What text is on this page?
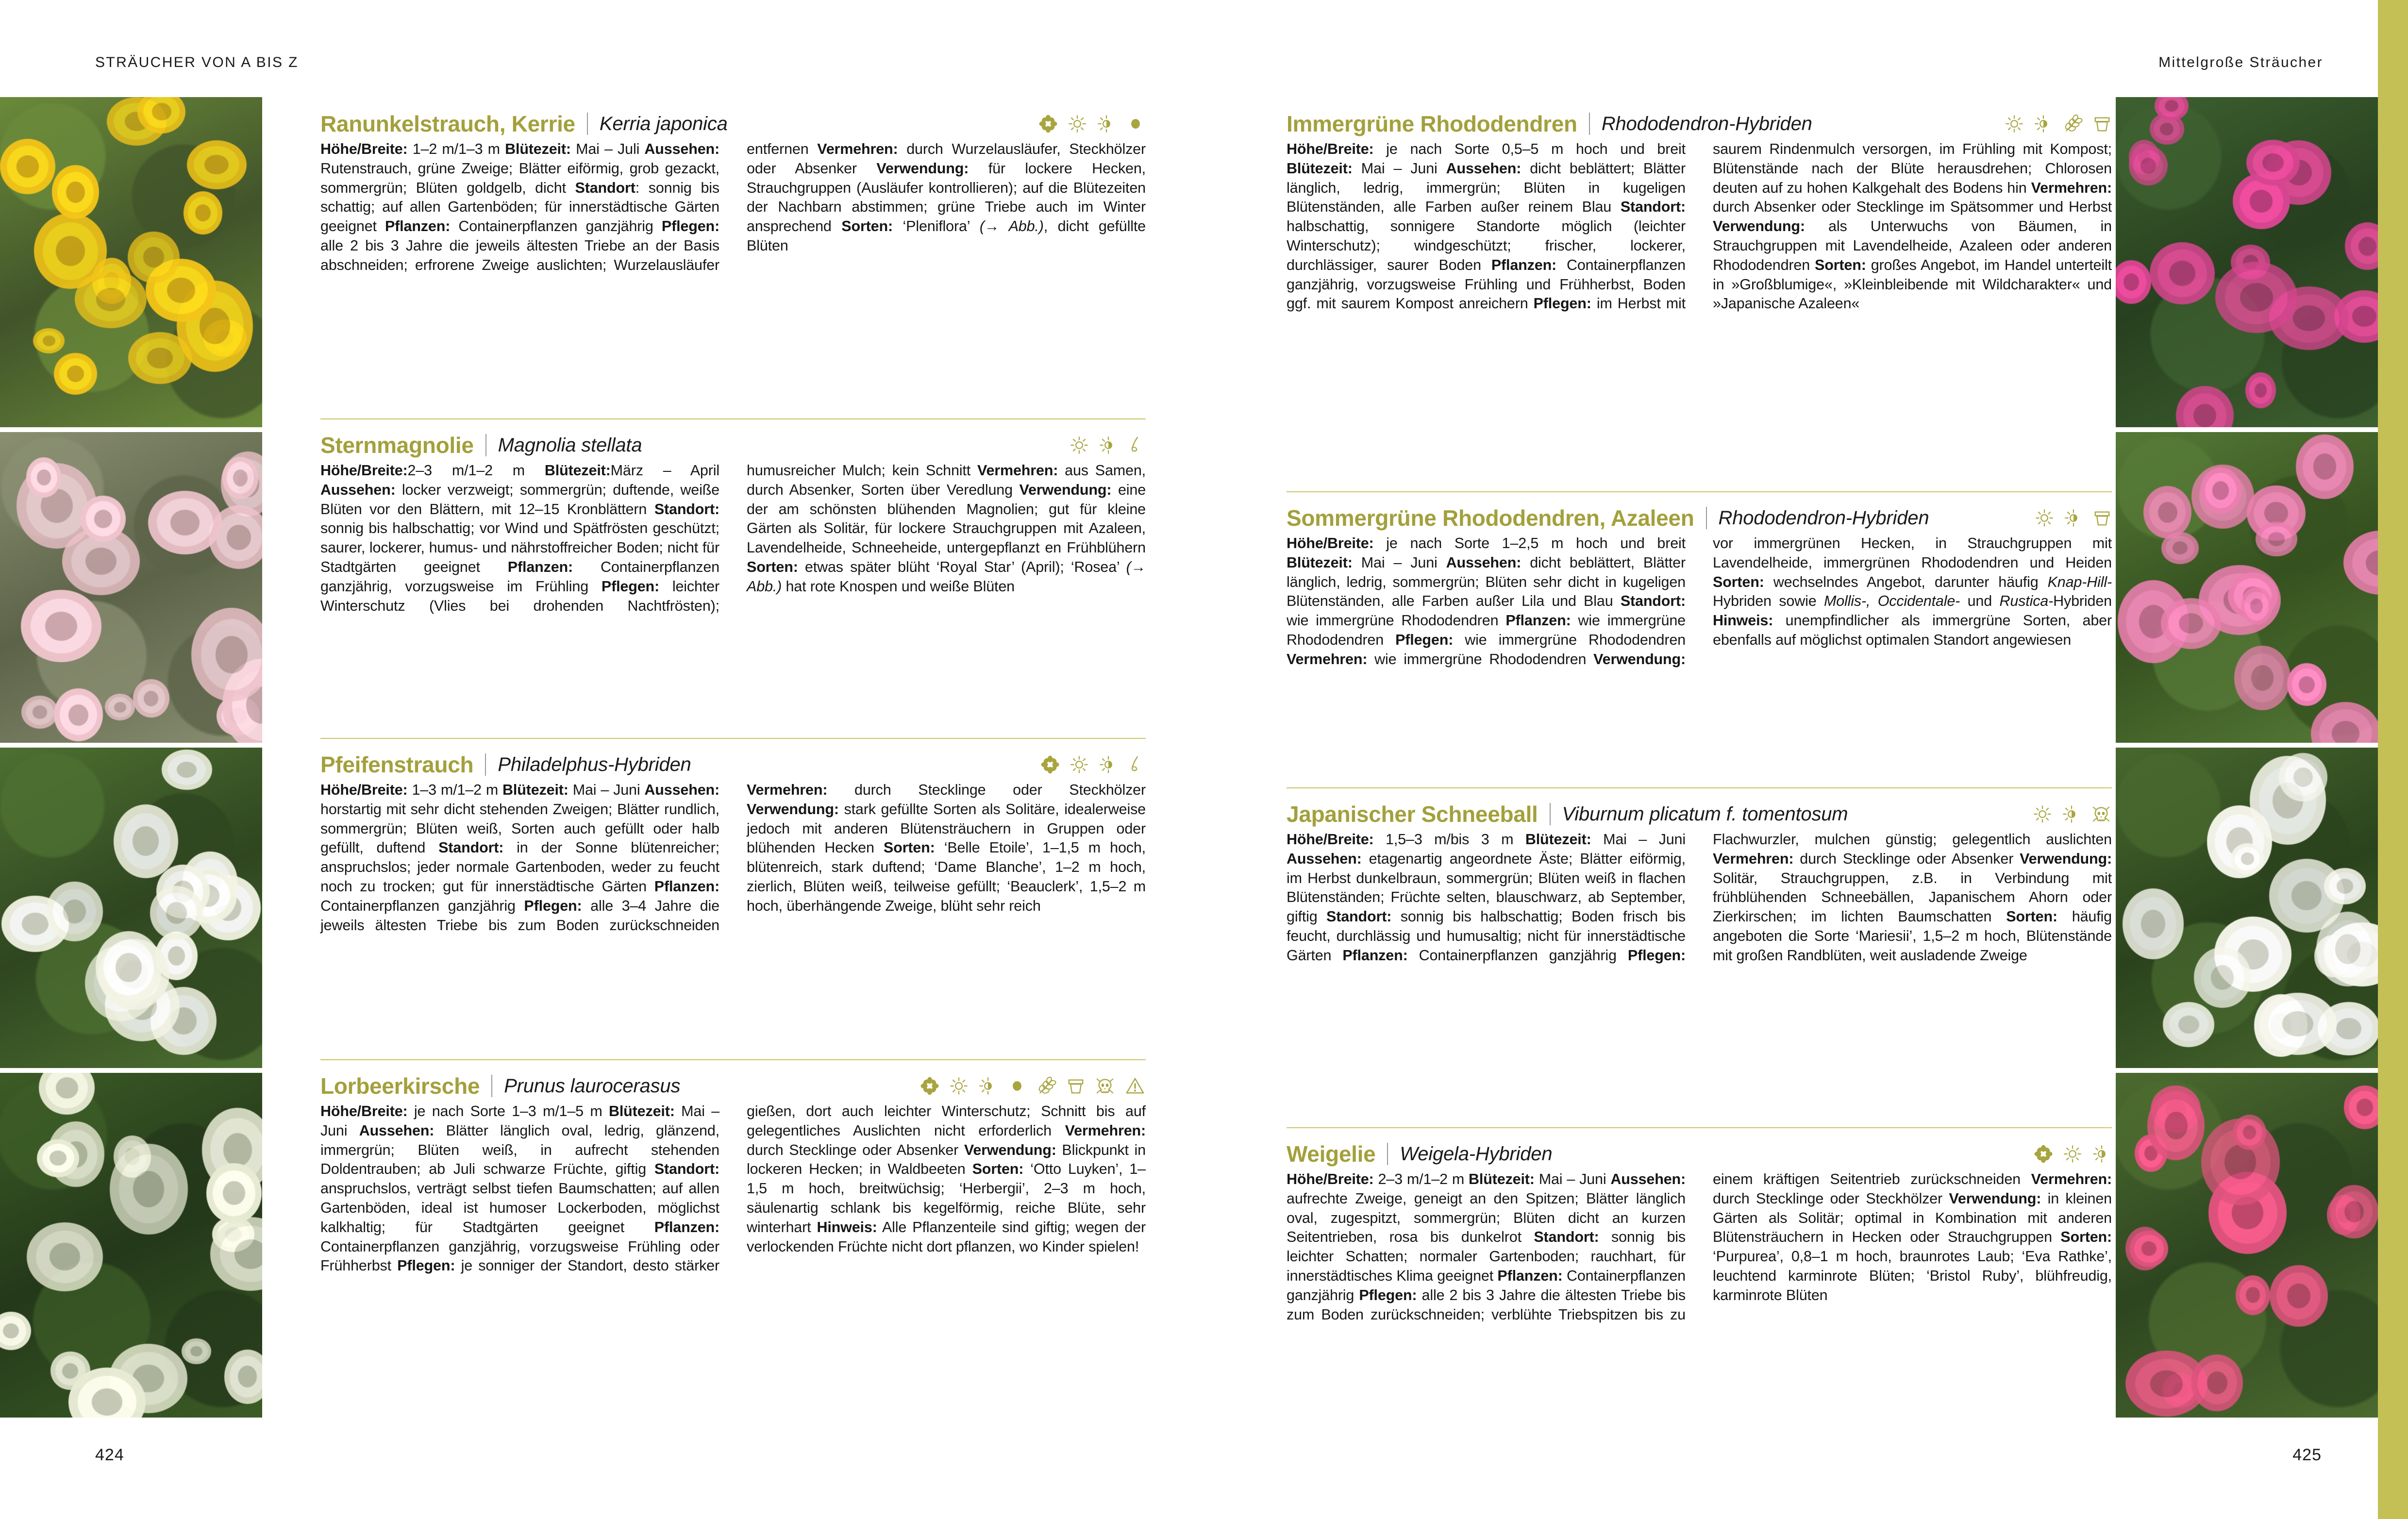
STRÄUCHER VON A BIS Z	Mittelgroße Sträucher
424	425
Ranunkelstrauch, Kerrie Kerria japonica
Höhe/Breite: 1–2 m/1–3 m Blütezeit: Mai – Juli Aussehen: Rutenstrauch, grüne Zweige; Blätter eiförmig, grob gezackt, sommergrün; Blüten goldgelb, dicht Standort: sonnig bis schattig; auf allen Gartenböden; für innerstädtische Gärten geeignet Pflanzen: Containerpflanzen ganzjährig Pflegen: alle 2 bis 3 Jahre die jeweils ältesten Triebe an der Basis abschneiden; erfrorene Zweige auslichten; Wurzelausläufer entfernen Vermehren: durch Wurzelausläufer, Steckhölzer oder Absenker Verwendung: für lockere Hecken, Strauchgruppen (Ausläufer kontrollieren); auf die Blütezeiten der Nachbarn abstimmen; grüne Triebe auch im Winter ansprechend Sorten: ‘Pleniflora’ (→ Abb.), dicht gefüllte Blüten
Sternmagnolie Magnolia stellata
Höhe/Breite:2–3 m/1–2 m Blütezeit:März – April Aussehen: locker verzweigt; sommergrün; duftende, weiße Blüten vor den Blättern, mit 12–15 Kronblättern Standort: sonnig bis halbschattig; vor Wind und Spätfrösten geschützt; saurer, lockerer, humus- und nährstoffreicher Boden; nicht für Stadtgärten geeignet Pflanzen: Containerpflanzen ganzjährig, vorzugsweise im Frühling Pflegen: leichter Winterschutz (Vlies bei drohenden Nachtfrösten); humusreicher Mulch; kein Schnitt Vermehren: aus Samen, durch Absenker, Sorten über Veredlung Verwendung: eine der am schönsten blühenden Magnolien; gut für kleine Gärten als Solitär, für lockere Strauchgruppen mit Azaleen, Lavendelheide, Schneeheide, untergepflanzt en Frühblühern Sorten: etwas später blüht ‘Royal Star’ (April); ‘Rosea’ (→ Abb.) hat rote Knospen und weiße Blüten
Pfeifenstrauch Philadelphus-Hybriden
Höhe/Breite: 1–3 m/1–2 m Blütezeit: Mai – Juni Aussehen: horstartig mit sehr dicht stehenden Zweigen; Blätter rundlich, sommergrün; Blüten weiß, Sorten auch gefüllt oder halb gefüllt, duftend Standort: in der Sonne blütenreicher; anspruchslos; jeder normale Gartenboden, weder zu feucht noch zu trocken; gut für innerstädtische Gärten Pflanzen: Containerpflanzen ganzjährig Pflegen: alle 3–4 Jahre die jeweils ältesten Triebe bis zum Boden zurückschneiden Vermehren: durch Stecklinge oder Steckhölzer Verwendung: stark gefüllte Sorten als Solitäre, idealerweise jedoch mit anderen Blütensträuchern in Gruppen oder blühenden Hecken Sorten: ‘Belle Etoile’, 1–1,5 m hoch, blütenreich, stark duftend; ‘Dame Blanche’, 1–2 m hoch, zierlich, Blüten weiß, teilweise gefüllt; ‘Beauclerk’, 1,5–2 m hoch, überhängende Zweige, blüht sehr reich
Lorbeerkirsche Prunus laurocerasus
Höhe/Breite: je nach Sorte 1–3 m/1–5 m Blütezeit: Mai – Juni Aussehen: Blätter länglich oval, ledrig, glänzend, immergrün; Blüten weiß, in aufrecht stehenden Doldentrauben; ab Juli schwarze Früchte, giftig Standort: anspruchslos, verträgt selbst tiefen Baumschatten; auf allen Gartenböden, ideal ist humoser Lockerboden, möglichst kalkhaltig; für Stadtgärten geeignet Pflanzen: Containerpflanzen ganzjährig, vorzugsweise Frühling oder Frühherbst Pflegen: je sonniger der Standort, desto stärker gießen, dort auch leichter Winterschutz; Schnitt bis auf gelegentliches Auslichten nicht erforderlich Vermehren: durch Stecklinge oder Absenker Verwendung: Blickpunkt in lockeren Hecken; in Waldbeeten Sorten: ‘Otto Luyken’, 1–1,5 m hoch, breitwüchsig; ‘Herbergii’, 2–3 m hoch, säulenartig schlank bis kegelförmig, reiche Blüte, sehr winterhart Hinweis: Alle Pflanzenteile sind giftig; wegen der verlockenden Früchte nicht dort pflanzen, wo Kinder spielen!
Immergrüne Rhododendren Rhododendron-Hybriden
Höhe/Breite: je nach Sorte 0,5–5 m hoch und breit Blütezeit: Mai – Juni Aussehen: dicht beblättert; Blätter länglich, ledrig, immergrün; Blüten in kugeligen Blütenständen, alle Farben außer reinem Blau Standort: halbschattig, sonnigere Standorte möglich (leichter Winterschutz); windgeschützt; frischer, lockerer, durchlässiger, saurer Boden Pflanzen: Containerpflanzen ganzjährig, vorzugsweise Frühling und Frühherbst, Boden ggf. mit saurem Kompost anreichern Pflegen: im Herbst mit saurem Rindenmulch versorgen, im Frühling mit Kompost; Blütenstände nach der Blüte herausdrehen; Chlorosen deuten auf zu hohen Kalkgehalt des Bodens hin Vermehren: durch Absenker oder Stecklinge im Spätsommer und Herbst Verwendung: als Unterwuchs von Bäumen, in Strauchgruppen mit Lavendelheide, Azaleen oder anderen Rhododendren Sorten: großes Angebot, im Handel unterteilt in »Großblumige«, »Kleinbleibende mit Wildcharakter« und »Japanische Azaleen«
Sommergrüne Rhododendren, Azaleen Rhododendron-Hybriden
Höhe/Breite: je nach Sorte 1–2,5 m hoch und breit Blütezeit: Mai – Juni Aussehen: dicht beblättert, Blätter länglich, ledrig, sommergrün; Blüten sehr dicht in kugeligen Blütenständen, alle Farben außer Lila und Blau Standort: wie immergrüne Rhododendren Pflanzen: wie immergrüne Rhododendren Pflegen: wie immergrüne Rhododendren Vermehren: wie immergrüne Rhododendren Verwendung: vor immergrünen Hecken, in Strauchgruppen mit Lavendelheide, immergrünen Rhododendren und Heiden Sorten: wechselndes Angebot, darunter häufig Knap-Hill-Hybriden sowie Mollis-, Occidentale- und Rustica-Hybriden Hinweis: unempfindlicher als immergrüne Sorten, aber ebenfalls auf möglichst optimalen Standort angewiesen
Japanischer Schneeball Viburnum plicatum f. tomentosum
Höhe/Breite: 1,5–3 m/bis 3 m Blütezeit: Mai – Juni Aussehen: etagenartig angeordnete Äste; Blätter eiförmig, im Herbst dunkelbraun, sommergrün; Blüten weiß in flachen Blütenständen; Früchte selten, blauschwarz, ab September, giftig Standort: sonnig bis halbschattig; Boden frisch bis feucht, durchlässig und humusaltig; nicht für innerstädtische Gärten Pflanzen: Containerpflanzen ganzjährig Pflegen: Flachwurzler, mulchen günstig; gelegentlich auslichten Vermehren: durch Stecklinge oder Absenker Verwendung: Solitär, Strauchgruppen, z.B. in Verbindung mit frühblühenden Schneebällen, Japanischem Ahorn oder Zierkirschen; im lichten Baumschatten Sorten: häufig angeboten die Sorte ‘Mariesii’, 1,5–2 m hoch, Blütenstände mit großen Randblüten, weit ausladende Zweige
Weigelie Weigela-Hybriden
Höhe/Breite: 2–3 m/1–2 m Blütezeit: Mai – Juni Aussehen: aufrechte Zweige, geneigt an den Spitzen; Blätter länglich oval, zugespitzt, sommergrün; Blüten dicht an kurzen Seitentrieben, rosa bis dunkelrot Standort: sonnig bis leichter Schatten; normaler Gartenboden; rauchhart, für innerstädtisches Klima geeignet Pflanzen: Containerpflanzen ganzjährig Pflegen: alle 2 bis 3 Jahre die ältesten Triebe bis zum Boden zurückschneiden; verblühte Triebspitzen bis zu einem kräftigen Seitentrieb zurückschneiden Vermehren: durch Stecklinge oder Steckhölzer Verwendung: in kleinen Gärten als Solitär; optimal in Kombination mit anderen Blütensträuchern in Hecken oder Strauchgruppen Sorten: ‘Purpurea’, 0,8–1 m hoch, braunrotes Laub; ‘Eva Rathke’, leuchtend karminrote Blüten; ‘Bristol Ruby’, blühfreudig, karminrote Blüten
